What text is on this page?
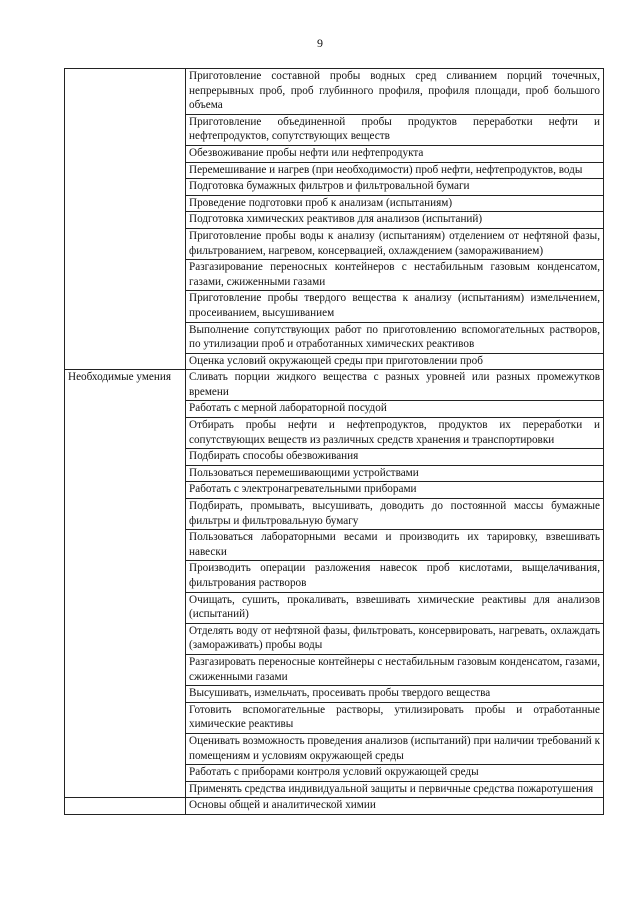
9
	Приготовление составной пробы водных сред сливанием порций точечных, непрерывных проб, проб глубинного профиля, профиля площади, проб большого объема
	Приготовление объединенной пробы продуктов переработки нефти и нефтепродуктов, сопутствующих веществ
	Обезвоживание пробы нефти или нефтепродукта
	Перемешивание и нагрев (при необходимости) проб нефти, нефтепродуктов, воды
	Подготовка бумажных фильтров и фильтровальной бумаги
	Проведение подготовки проб к анализам (испытаниям)
	Подготовка химических реактивов для анализов (испытаний)
	Приготовление пробы воды к анализу (испытаниям) отделением от нефтяной фазы, фильтрованием, нагревом, консервацией, охлаждением (замораживанием)
	Разгазирование переносных контейнеров с нестабильным газовым конденсатом, газами, сжиженными газами
	Приготовление пробы твердого вещества к анализу (испытаниям) измельчением, просеиванием, высушиванием
	Выполнение сопутствующих работ по приготовлению вспомогательных растворов, по утилизации проб и отработанных химических реактивов
	Оценка условий окружающей среды при приготовлении проб
Необходимые умения	Сливать порции жидкого вещества с разных уровней или разных промежутков времени
	Работать с мерной лабораторной посудой
	Отбирать пробы нефти и нефтепродуктов, продуктов их переработки и сопутствующих веществ из различных средств хранения и транспортировки
	Подбирать способы обезвоживания
	Пользоваться перемешивающими устройствами
	Работать с электронагревательными приборами
	Подбирать, промывать, высушивать, доводить до постоянной массы бумажные фильтры и фильтровальную бумагу
	Пользоваться лабораторными весами и производить их тарировку, взвешивать навески
	Производить операции разложения навесок проб кислотами, выщелачивания, фильтрования растворов
	Очищать, сушить, прокаливать, взвешивать химические реактивы для анализов (испытаний)
	Отделять воду от нефтяной фазы, фильтровать, консервировать, нагревать, охлаждать (замораживать) пробы воды
	Разгазировать переносные контейнеры с нестабильным газовым конденсатом, газами, сжиженными газами
	Высушивать, измельчать, просеивать пробы твердого вещества
	Готовить вспомогательные растворы, утилизировать пробы и отработанные химические реактивы
	Оценивать возможность проведения анализов (испытаний) при наличии требований к помещениям и условиям окружающей среды
	Работать с приборами контроля условий окружающей среды
	Применять средства индивидуальной защиты и первичные средства пожаротушения
	Основы общей и аналитической химии
